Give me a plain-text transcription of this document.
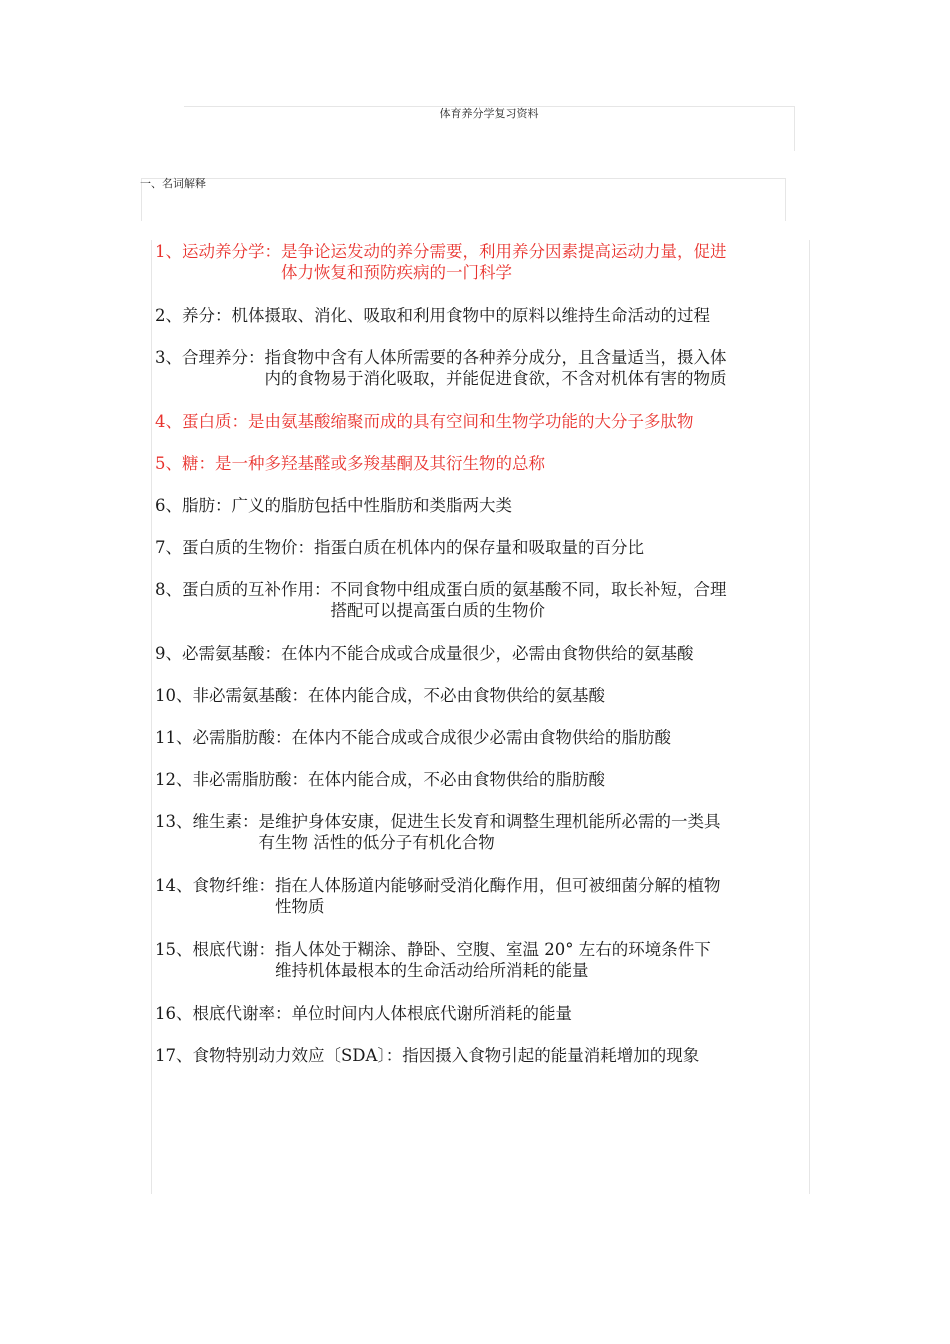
体育养分学复习资料
一、名词解释
1、 运动养分学： 是争论运发动的养分需要，利用养分因素提高运动力量，促进
体力恢复和预防疾病的一门科学
2、 养分： 机体摄取、消化、吸取和利用食物中的原料以维持生命活动的过程
3、 合理养分： 指食物中含有人体所需要的各种养分成分，且含量适当，摄入体
内的食物易于消化吸取，并能促进食欲，不含对机体有害的物质
4、 蛋白质： 是由氨基酸缩聚而成的具有空间和生物学功能的大分子多肽物
5、 糖： 是一种多羟基醛或多羧基酮及其衍生物的总称
6、 脂肪： 广义的脂肪包括中性脂肪和类脂两大类
7、 蛋白质的生物价： 指蛋白质在机体内的保存量和吸取量的百分比
8、 蛋白质的互补作用： 不同食物中组成蛋白质的氨基酸不同，取长补短，合理
搭配可以提高蛋白质的生物价
9、 必需氨基酸： 在体内不能合成或合成量很少，必需由食物供给的氨基酸
10、 非必需氨基酸： 在体内能合成，不必由食物供给的氨基酸
11、 必需脂肪酸： 在体内不能合成或合成很少必需由食物供给的脂肪酸
12、 非必需脂肪酸： 在体内能合成，不必由食物供给的脂肪酸
13、 维生素： 是维护身体安康，促进生长发育和调整生理机能所必需的一类具
有生物 活性的低分子有机化合物
14、 食物纤维： 指在人体肠道内能够耐受消化酶作用，但可被细菌分解的植物
性物质
15、 根底代谢： 指人体处于糊涂、静卧、空腹、室温 20° 左右的环境条件下
维持机体最根本的生命活动给所消耗的能量
16、 根底代谢率： 单位时间内人体根底代谢所消耗的能量
17、 食物特别动力效应〔SDA〕： 指因摄入食物引起的能量消耗增加的现象
